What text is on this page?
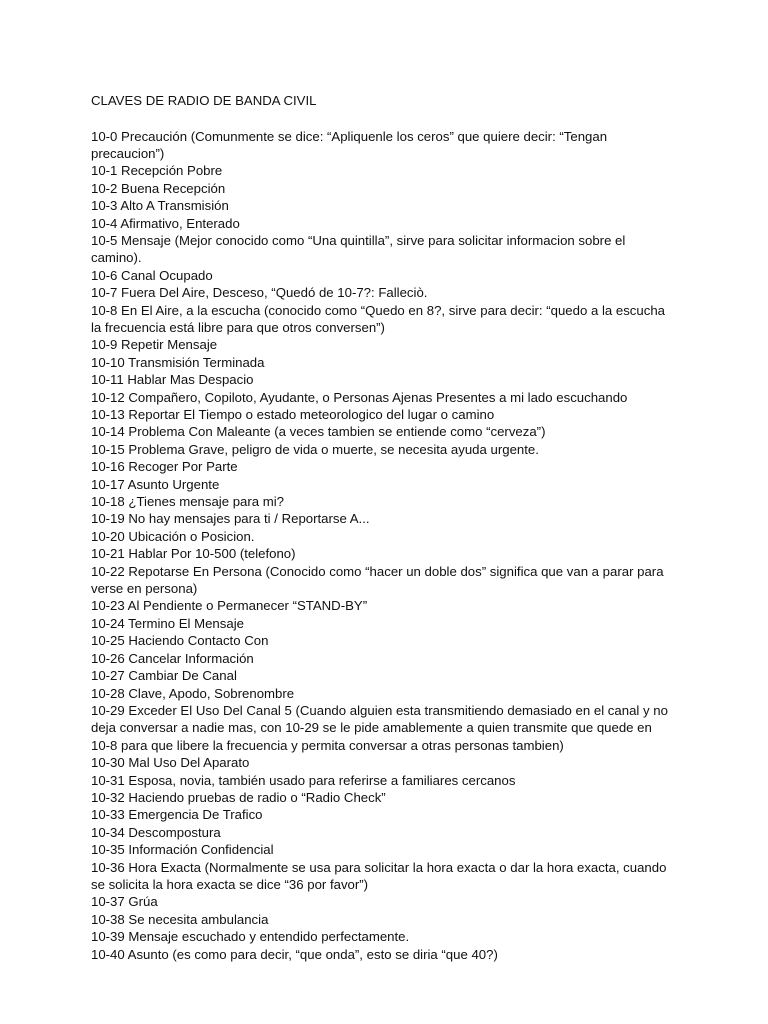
CLAVES DE RADIO DE BANDA CIVIL
10-0 Precaución (Comunmente se dice: “Apliquenle los ceros” que quiere decir: “Tengan precaucion”)
10-1 Recepción Pobre
10-2 Buena Recepción
10-3 Alto A Transmisión
10-4 Afirmativo, Enterado
10-5 Mensaje (Mejor conocido como “Una quintilla”, sirve para solicitar informacion sobre el camino).
10-6 Canal Ocupado
10-7 Fuera Del Aire, Desceso, “Quedó de 10-7?: Falleciò.
10-8 En El Aire, a la escucha (conocido como “Quedo en 8?, sirve para decir: “quedo a la escucha la frecuencia está libre para que otros conversen”)
10-9 Repetir Mensaje
10-10 Transmisión Terminada
10-11 Hablar Mas Despacio
10-12 Compañero, Copiloto, Ayudante, o Personas Ajenas Presentes a mi lado escuchando
10-13 Reportar El Tiempo o estado meteorologico del lugar o camino
10-14 Problema Con Maleante (a veces tambien se entiende como “cerveza”)
10-15 Problema Grave, peligro de vida o muerte, se necesita ayuda urgente.
10-16 Recoger Por Parte
10-17 Asunto Urgente
10-18 ¿Tienes mensaje para mi?
10-19 No hay mensajes para ti / Reportarse A...
10-20 Ubicación o Posicion.
10-21 Hablar Por 10-500 (telefono)
10-22 Repotarse En Persona (Conocido como “hacer un doble dos” significa que van a parar para verse en persona)
10-23 Al Pendiente o Permanecer “STAND-BY”
10-24 Termino El Mensaje
10-25 Haciendo Contacto Con
10-26 Cancelar Información
10-27 Cambiar De Canal
10-28 Clave, Apodo, Sobrenombre
10-29 Exceder El Uso Del Canal 5 (Cuando alguien esta transmitiendo demasiado en el canal y no deja conversar a nadie mas, con 10-29 se le pide amablemente a quien transmite que quede en 10-8 para que libere la frecuencia y permita conversar a otras personas tambien)
10-30 Mal Uso Del Aparato
10-31 Esposa, novia, también usado para referirse a familiares cercanos
10-32 Haciendo pruebas de radio o “Radio Check”
10-33 Emergencia De Trafico
10-34 Descompostura
10-35 Información Confidencial
10-36 Hora Exacta (Normalmente se usa para solicitar la hora exacta o dar la hora exacta, cuando se solicita la hora exacta se dice “36 por favor”)
10-37 Grúa
10-38 Se necesita ambulancia
10-39 Mensaje escuchado y entendido perfectamente.
10-40 Asunto (es como para decir, “que onda”, esto se diria “que 40?)
